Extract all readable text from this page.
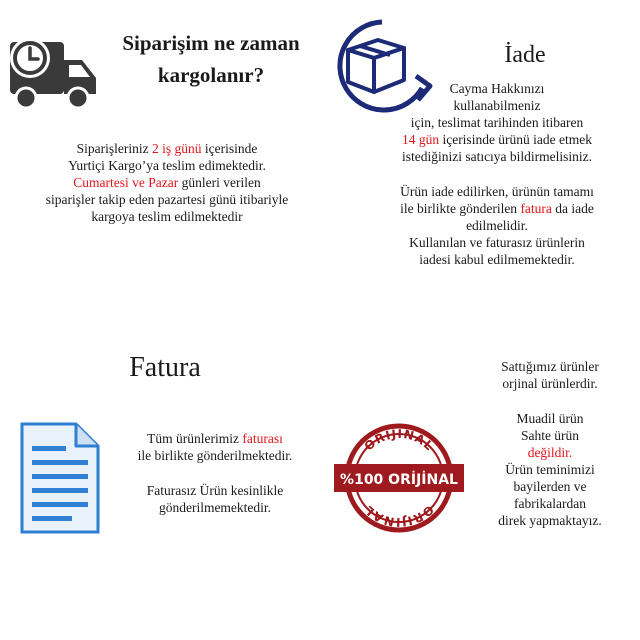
Siparişim ne zaman
kargolanır?
Siparişleriniz 2 iş günü içerisinde
Yurtiçi Kargo’ya teslim edimektedir.
Cumartesi ve Pazar günleri verilen
siparişler takip eden pazartesi günü itibariyle
kargoya teslim edilmektedir
İade
Cayma Hakkınızı
kullanabilmeniz
için, teslimat tarihinden itibaren
14 gün içerisinde ürünü iade etmek
istediğinizi satıcıya bildirmelisiniz.
Ürün iade edilirken, ürünün tamamı
ile birlikte gönderilen fatura da iade
edilmelidir.
Kullanılan ve faturasız ürünlerin
iadesi kabul edilmemektedir.
Fatura
Tüm ürünlerimiz faturası
ile birlikte gönderilmektedir.
Faturasız Ürün kesinlikle
gönderilmemektedir.
ORİJİNAL
ORİJİNAL
%100 ORİJİNAL
Sattığımız ürünler
orjinal ürünlerdir.
Muadil ürün
Sahte ürün
değildir.
Ürün teminimizi
bayilerden ve
fabrikalardan
direk yapmaktayız.
